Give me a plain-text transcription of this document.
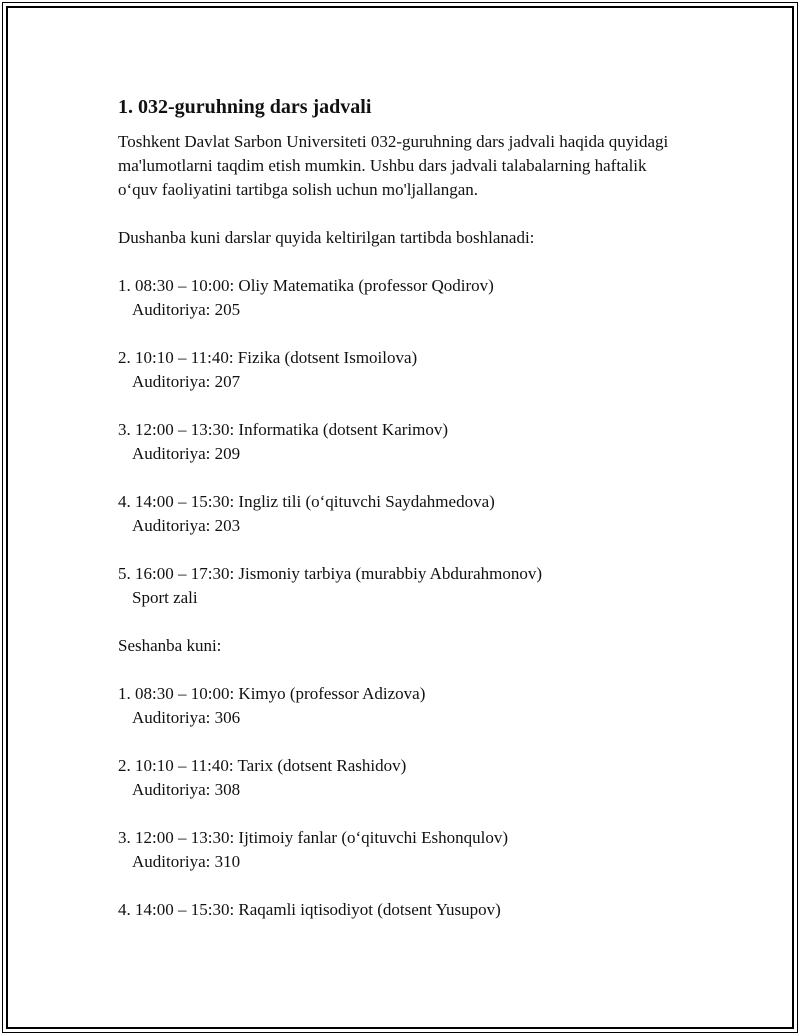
1. 032-guruhning dars jadvali

Toshkent Davlat Sarbon Universiteti 032-guruhning dars jadvali haqida quyidagi ma'lumotlarni taqdim etish mumkin. Ushbu dars jadvali talabalarning haftalik o‘quv faoliyatini tartibga solish uchun mo'ljallangan.

Dushanba kuni darslar quyida keltirilgan tartibda boshlanadi:

1. 08:30 – 10:00: Oliy Matematika (professor Qodirov)
Auditoriya: 205
2. 10:10 – 11:40: Fizika (dotsent Ismoilova)
Auditoriya: 207
3. 12:00 – 13:30: Informatika (dotsent Karimov)
Auditoriya: 209
4. 14:00 – 15:30: Ingliz tili (o‘qituvchi Saydahmedova)
Auditoriya: 203
5. 16:00 – 17:30: Jismoniy tarbiya (murabbiy Abdurahmonov)
Sport zali

Seshanba kuni:

1. 08:30 – 10:00: Kimyo (professor Adizova)
Auditoriya: 306
2. 10:10 – 11:40: Tarix (dotsent Rashidov)
Auditoriya: 308
3. 12:00 – 13:30: Ijtimoiy fanlar (o‘qituvchi Eshonqulov)
Auditoriya: 310
4. 14:00 – 15:30: Raqamli iqtisodiyot (dotsent Yusupov)
